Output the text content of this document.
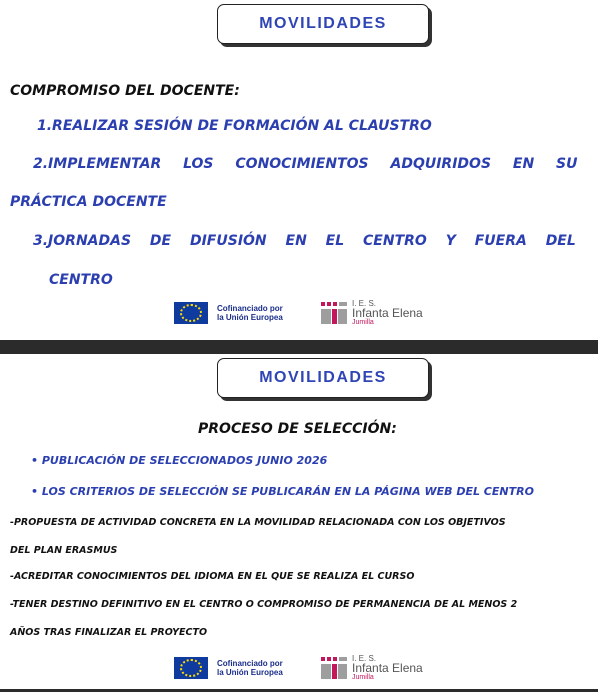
MOVILIDADES
COMPROMISO DEL DOCENTE:
1.REALIZAR SESIÓN DE FORMACIÓN AL CLAUSTRO
2.IMPLEMENTAR LOS CONOCIMIENTOS ADQUIRIDOS EN SU
PRÁCTICA DOCENTE
3.JORNADAS DE DIFUSIÓN EN EL CENTRO Y FUERA DEL
CENTRO
Cofinanciado por
la Unión Europea
I. E. S.
Infanta Elena
Jumilla
MOVILIDADES
PROCESO DE SELECCIÓN:
• PUBLICACIÓN DE SELECCIONADOS JUNIO 2026
• LOS CRITERIOS DE SELECCIÓN SE PUBLICARÁN EN LA PÁGINA WEB DEL CENTRO
-PROPUESTA DE ACTIVIDAD CONCRETA EN LA MOVILIDAD RELACIONADA CON LOS OBJETIVOS
DEL PLAN ERASMUS
-ACREDITAR CONOCIMIENTOS DEL IDIOMA EN EL QUE SE REALIZA EL CURSO
-TENER DESTINO DEFINITIVO EN EL CENTRO O COMPROMISO DE PERMANENCIA DE AL MENOS 2
AÑOS TRAS FINALIZAR EL PROYECTO
Cofinanciado por
la Unión Europea
I. E. S.
Infanta Elena
Jumilla
